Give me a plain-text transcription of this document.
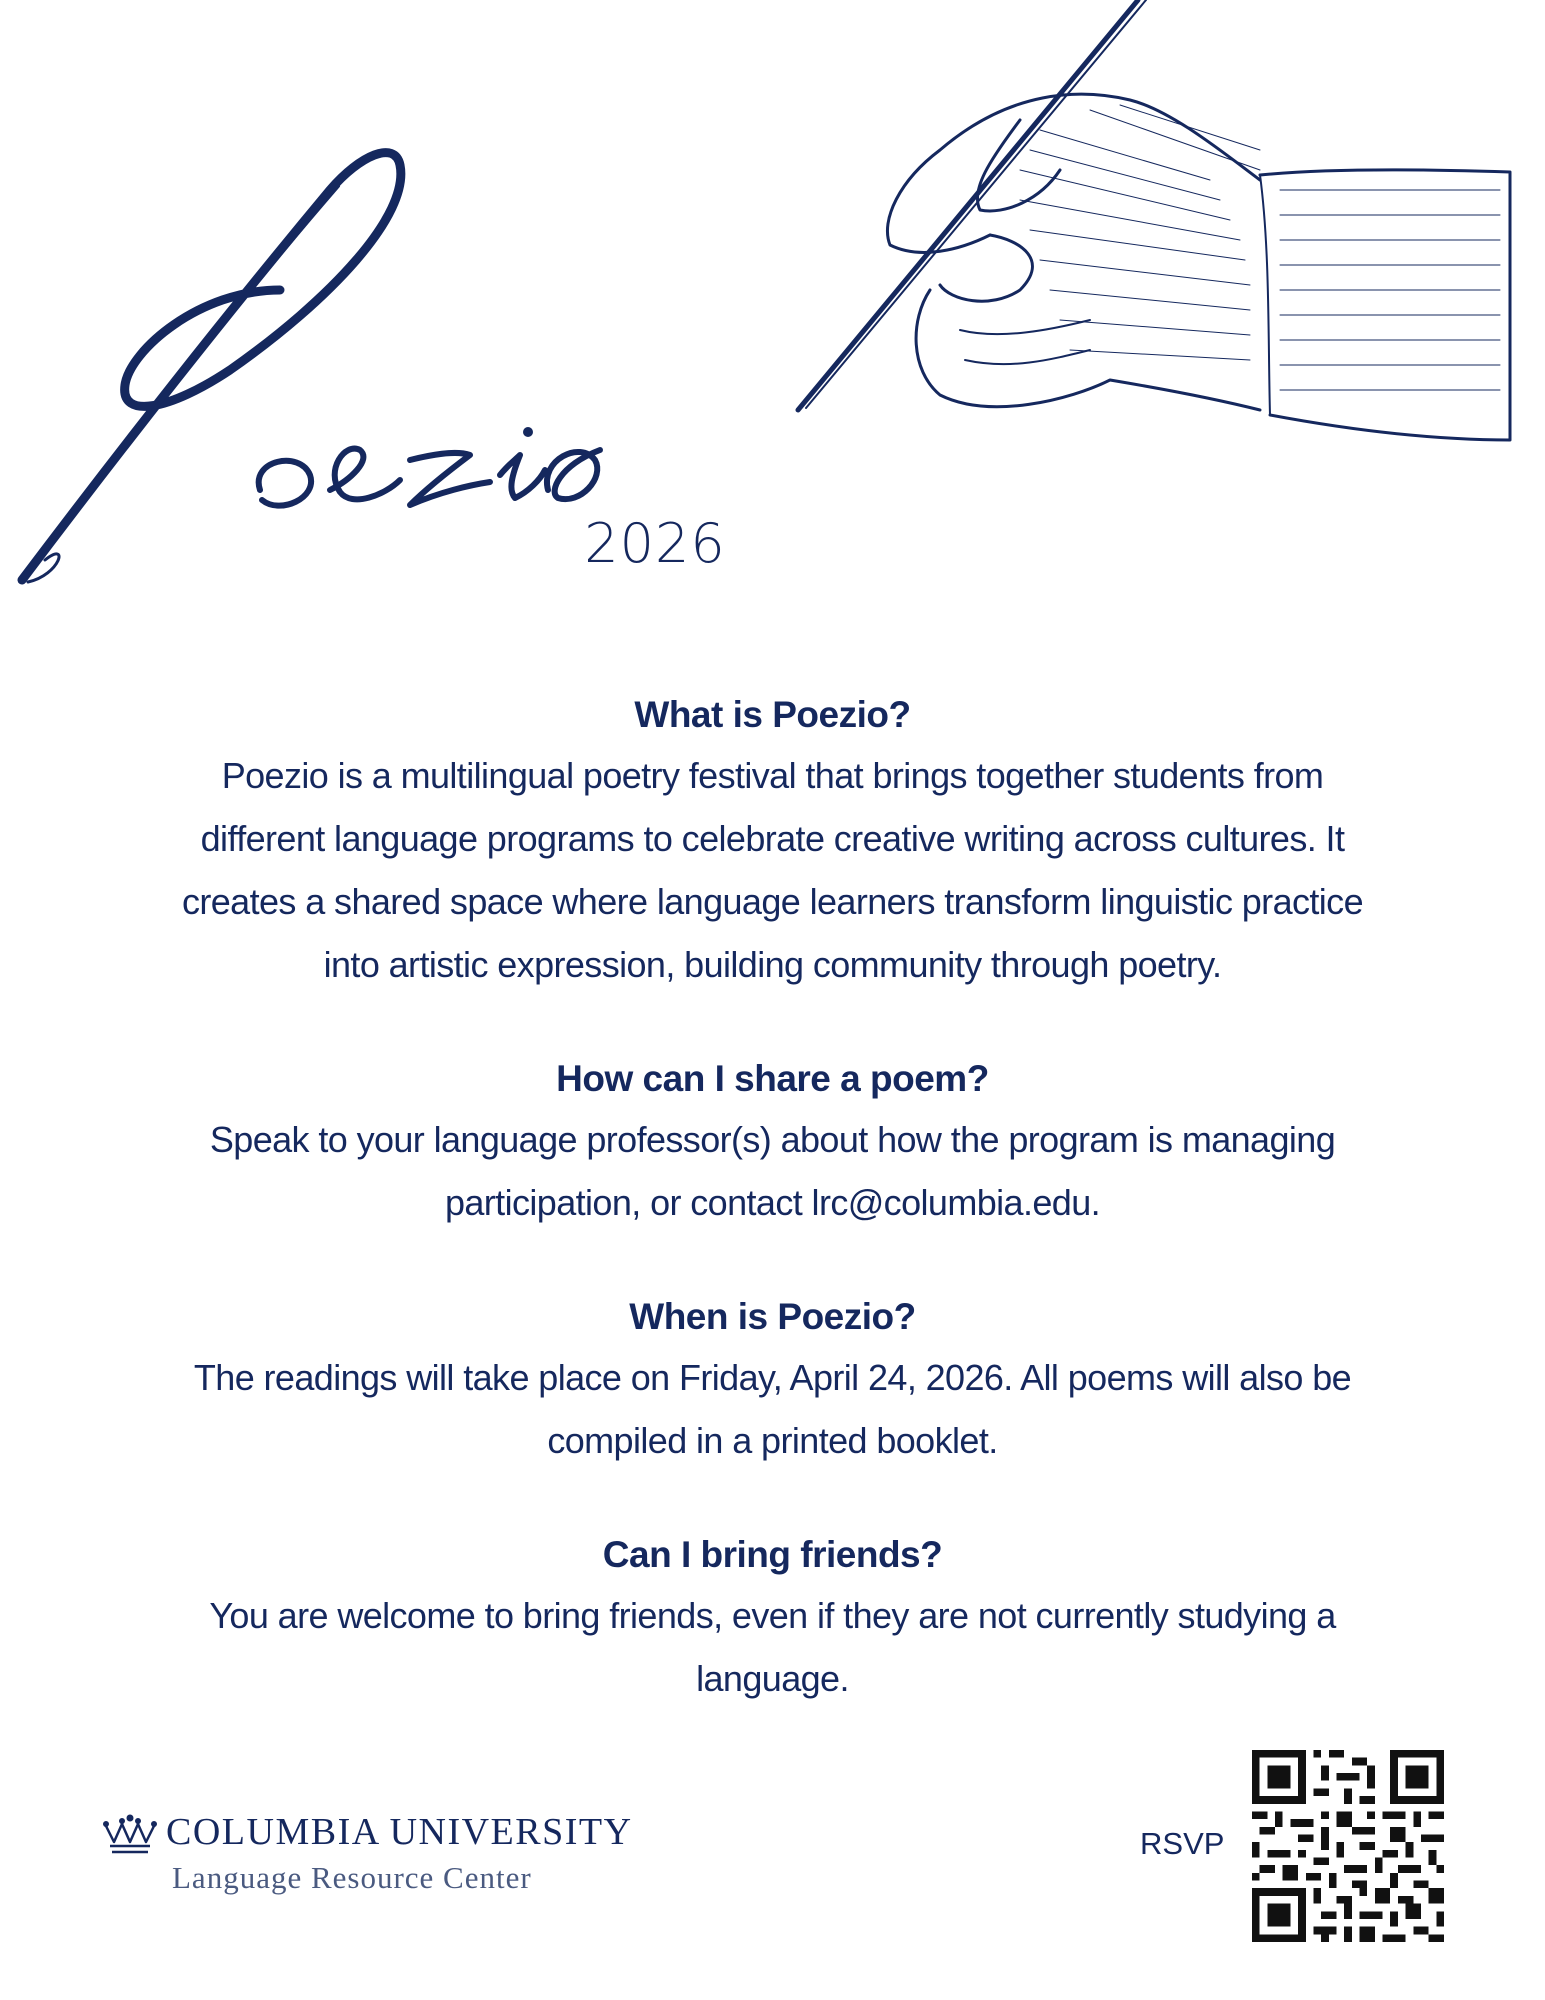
2026
What is Poezio?
Poezio is a multilingual poetry festival that brings together students from different language programs to celebrate creative writing across cultures. It creates a shared space where language learners transform linguistic practice into artistic expression, building community through poetry.
How can I share a poem?
Speak to your language professor(s) about how the program is managing participation, or contact lrc@columbia.edu.
When is Poezio?
The readings will take place on Friday, April 24, 2026. All poems will also be compiled in a printed booklet.
Can I bring friends?
You are welcome to bring friends, even if they are not currently studying a language.
COLUMBIA UNIVERSITY
Language Resource Center
RSVP
